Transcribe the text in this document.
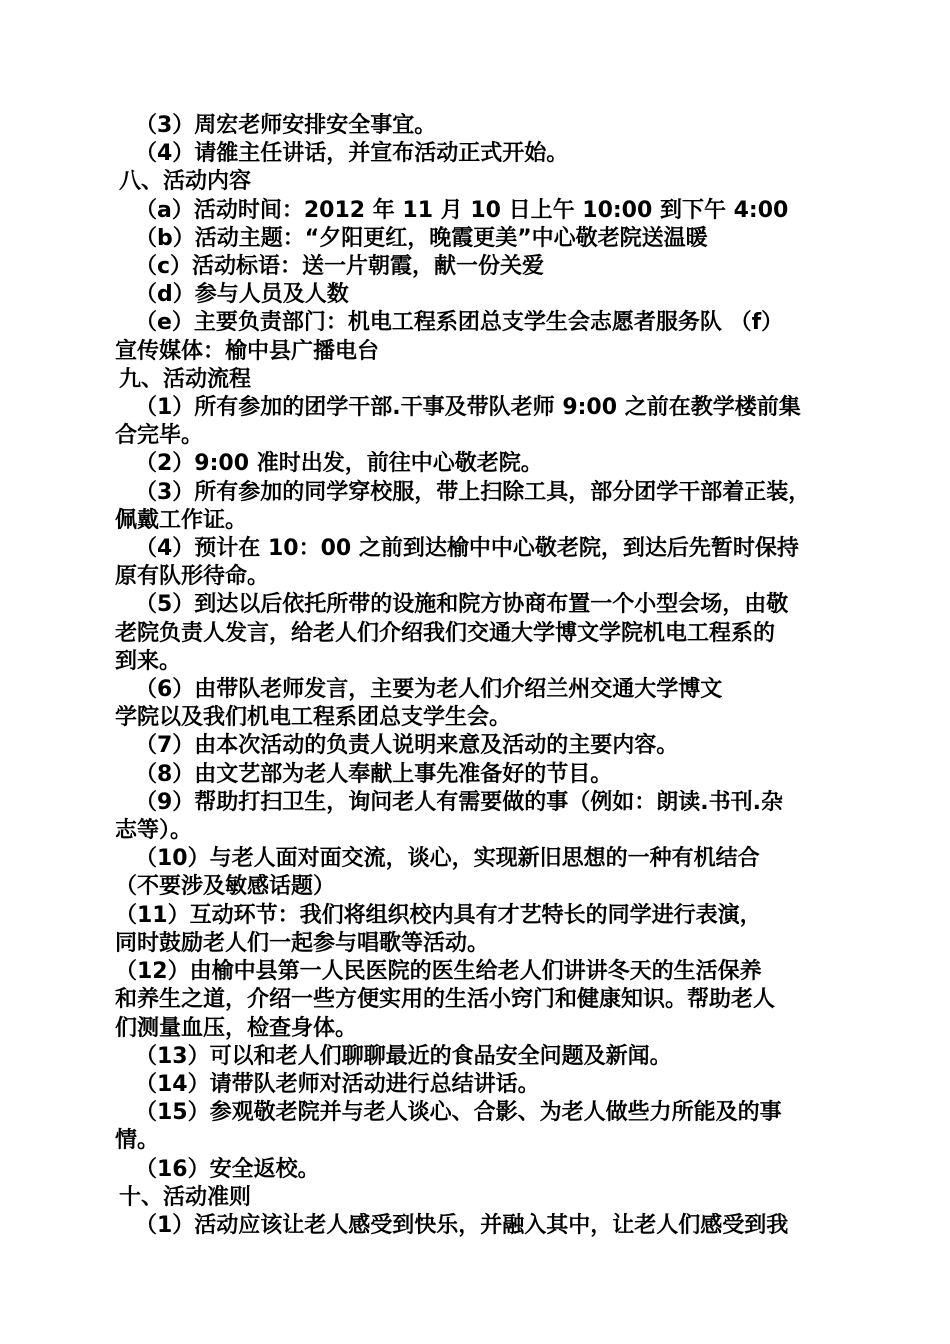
（3）周宏老师安排安全事宜。
（4）请雒主任讲话，并宣布活动正式开始。
八、活动内容
（a）活动时间：2012 年 11 月 10 日上午 10:00 到下午 4:00
（b）活动主题：“夕阳更红，晚霞更美”中心敬老院送温暖
（c）活动标语：送一片朝霞，献一份关爱
（d）参与人员及人数
（e）主要负责部门：机电工程系团总支学生会志愿者服务队 （f）
宣传媒体：榆中县广播电台
九、活动流程
（1）所有参加的团学干部.干事及带队老师 9:00 之前在教学楼前集
合完毕。
（2）9:00 准时出发，前往中心敬老院。
（3）所有参加的同学穿校服，带上扫除工具，部分团学干部着正装，
佩戴工作证。
（4）预计在 10：00 之前到达榆中中心敬老院，到达后先暂时保持
原有队形待命。
（5）到达以后依托所带的设施和院方协商布置一个小型会场，由敬
老院负责人发言，给老人们介绍我们交通大学博文学院机电工程系的
到来。
（6）由带队老师发言，主要为老人们介绍兰州交通大学博文
学院以及我们机电工程系团总支学生会。
（7）由本次活动的负责人说明来意及活动的主要内容。
（8）由文艺部为老人奉献上事先准备好的节目。
（9）帮助打扫卫生，询问老人有需要做的事（例如：朗读.书刊.杂
志等）。
（10）与老人面对面交流，谈心，实现新旧思想的一种有机结合
（不要涉及敏感话题）
（11）互动环节：我们将组织校内具有才艺特长的同学进行表演，
同时鼓励老人们一起参与唱歌等活动。
（12）由榆中县第一人民医院的医生给老人们讲讲冬天的生活保养
和养生之道，介绍一些方便实用的生活小窍门和健康知识。帮助老人
们测量血压，检查身体。
（13）可以和老人们聊聊最近的食品安全问题及新闻。
（14）请带队老师对活动进行总结讲话。
（15）参观敬老院并与老人谈心、合影、为老人做些力所能及的事
情。
（16）安全返校。
十、活动准则
（1）活动应该让老人感受到快乐，并融入其中，让老人们感受到我
